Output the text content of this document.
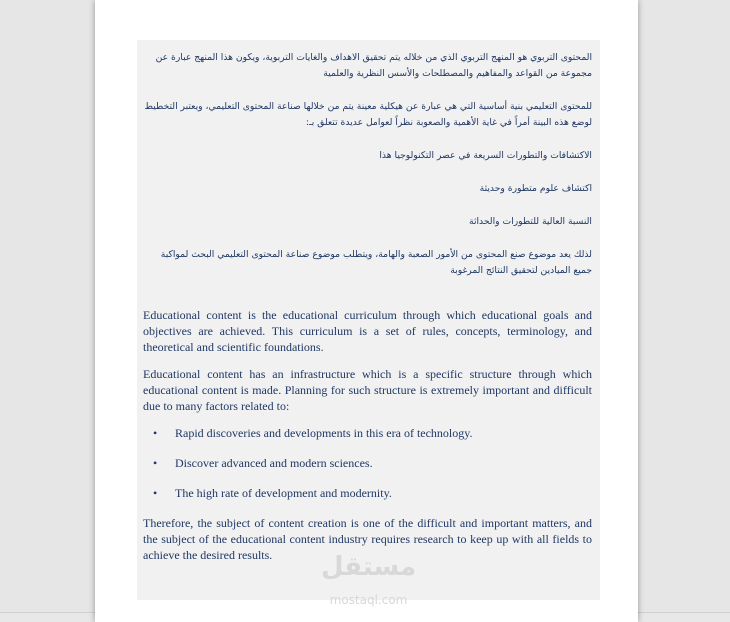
المحتوى التربوي هو المنهج التربوي الذي من خلاله يتم تحقيق الاهداف والغايات التربوية، ويكون هذا المنهج عبارة عن مجموعة من القواعد والمفاهيم والمصطلحات والأسس النظرية والعلمية

للمحتوى التعليمي بنية أساسية التي هي عبارة عن هيكلية معينة يتم من خلالها صناعة المحتوى التعليمي، ويعتبر التخطيط لوضع هذه البينة أمراً في غاية الأهمية والصعوبة نظراً لعوامل عديدة تتعلق بـ:

الاكتشافات والتطورات السريعة في عصر التكنولوجيا هذا

اكتشاف علوم متطورة وحديثة

النسبة العالية للتطورات والحداثة

لذلك يعد موضوع صنع المحتوى من الأمور الصعبة والهامة، ويتطلب موضوع صناعة المحتوى التعليمي البحث لمواكبة جميع الميادين لتحقيق النتائج المرغوبة

Educational content is the educational curriculum through which educational goals and objectives are achieved. This curriculum is a set of rules, concepts, terminology, and theoretical and scientific foundations.

Educational content has an infrastructure which is a specific structure through which educational content is made. Planning for such structure is extremely important and difficult due to many factors related to:

• Rapid discoveries and developments in this era of technology.
• Discover advanced and modern sciences.
• The high rate of development and modernity.

Therefore, the subject of content creation is one of the difficult and important matters, and the subject of the educational content industry requires research to keep up with all fields to achieve the desired results.	مستقل
mostaql.com
